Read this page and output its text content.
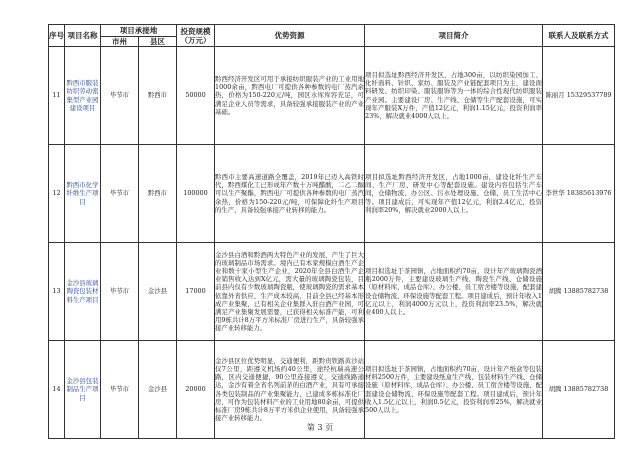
序号	项目名称	项目承接地		投资规模（万元）	优势资源	项目简介	联系人及联系方式
		市州	县区				
11	黔西市服装纺织劳动密集型产业园建设项目	毕节市	黔西市	50000	黔西经济开发区可用于承接纺织服装产业的工业用地1000余亩，黔西电厂可提供各种参数的电厂蒸汽余热，价格为150-220元/吨，园区水库库容充足，可满足企业人员等需求，具备较强承接服装产业的产业基础。	项目拟选址黔西经济开发区，占地300亩，以纺织染园加工、化纤面料、针织、家纺、服装及产业链配套项目为主，建设面料研发、纺织印染、服装服饰等为一体的综合性现代纺织服装产业园。主要建设厂房、生产线、仓储等生产配套设施，可实现年产服装X万件，产值12亿元，利润1.15亿元，投资利润率23%，解决就业4000人以上。	陈丽月 15329537789
12	黔西市化学纤维生产项目	毕节市	黔西市	100000	黔西市主要高速道路全覆盖，2019年已迈入高铁时代，黔西煤化工已形成年产数十万吨醋酸，二乙二醇可以生产聚酯，黔西电厂可提供各种参数的电厂蒸汽余热，价格为150-220元/吨，可保障化纤生产项目的生产，具备较强承接产业转移的能力。	项目拟选址黔西经济开发区，占地1000亩，建设化纤生产车间、生产厂房、研发中心等配套设施。建设内容包括生产车间，仓储物流、办公区、污水处理设施、仓储、员工生活中心等。项目建成后，可实现年产值12亿元，利润2.4亿元，投资利润率20%，解决就业2000人以上。	李世华 18385613976
13	金沙县玻璃陶瓷包装材料生产项目	毕节市	金沙县	17000	金沙县白酒和黔酒两大特色产业的发展，产生了巨大的玻璃制品市场需求。境内已有本家规模白酒生产企业和数十家小型生产企业，2020年全县白酒生产企业销售收入达到X亿元，需大量的玻璃陶瓷包装，目前县内仅有少数玻璃陶瓷瓶，使玻璃陶瓷的需求基本依靠外省供应，生产成本较高，目前全县已经基本形成产业集聚，已有相关企业集群入驻白酒产业园，可满足产业集聚发展需要，已获得相关标准产能，可利用9栋共计8万平方米标准厂房进行生产，具备较强承接产业转移能力。	项目拟选址于茶园镇，占地面积约70亩，设计年产玻璃陶瓷酒瓶2000万件，主要建设玻璃生产线、陶瓷生产线、仓储设施（原材料库、成品仓库）、办公楼、员工宿舍楼等设施，配套建设仓储物流、环保设施等配套工程。项目建成后，预计年收入1亿元以上，利润4000万元以上，投资利润率23.5%，解决就业400人以上。	胡腾 13885782738
14	金沙县包装制品生产项目	毕节市	金沙县	20000	金沙县区位优势明显，交通便利，距黔贵铁路黄沙站仅7公里，距遵义机场约40公里，途经杭瑞高速公路，区内交通便捷，90公里连接遵义，交通线路通达，金沙有着全省名列前茅的白酒产业，具有可承接各类包装制品的产业集聚能力，已建成多栋标准化厂房，可作为包装材料产业的工业用地80余亩，可提供标准厂房9栋共计8万平方米供企业使用，具备较强承接产业转移能力。	项目拟选址于茶园镇，占地面积约70亩，设计年产纸盒等包装材料2500万件，主要建设纸盒生产线、包装材料生产线、仓储设施（原材料库、成品仓库）、办公楼、员工宿舍楼等设施，配套建设仓储物流、环保设施等配套工程。项目建成后，预计年收入1.5亿元以上，利润0.5亿元，投资利润率25%，解决就业500人以上。	胡腾 13885782738
第 3 页
